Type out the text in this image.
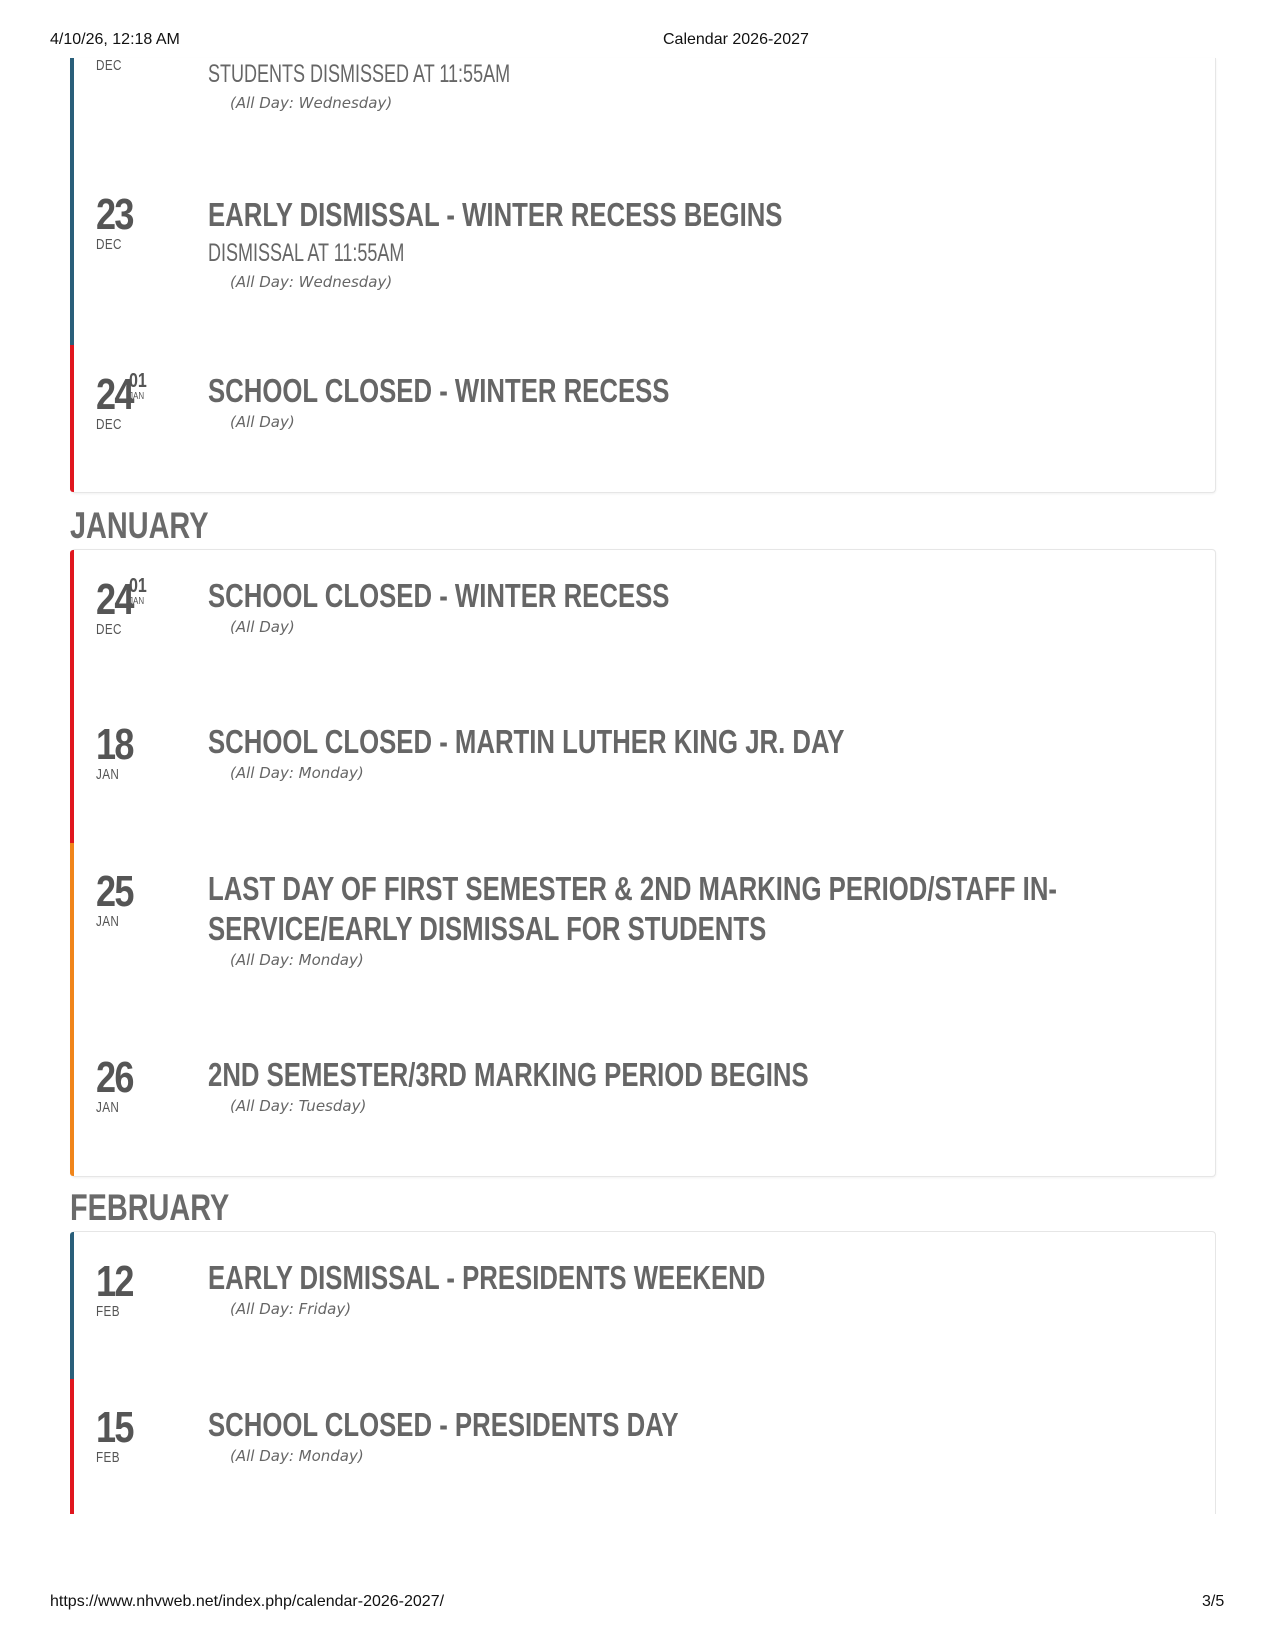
4/10/26, 12:18 AM	Calendar 2026-2027
DEC	STUDENTS DISMISSED AT 11:55AM
(All Day: Wednesday)
23
DEC
EARLY DISMISSAL - WINTER RECESS BEGINS
DISMISSAL AT 11:55AM
(All Day: Wednesday)
24
DEC
01
JAN SCHOOL CLOSED - WINTER RECESS
(All Day)
JANUARY
24
DEC
01
JAN SCHOOL CLOSED - WINTER RECESS
(All Day)
18
JAN
SCHOOL CLOSED - MARTIN LUTHER KING JR. DAY
(All Day: Monday)
25
JAN
LAST DAY OF FIRST SEMESTER & 2ND MARKING PERIOD/STAFF IN-
SERVICE/EARLY DISMISSAL FOR STUDENTS
(All Day: Monday)
26
JAN
2ND SEMESTER/3RD MARKING PERIOD BEGINS
(All Day: Tuesday)
FEBRUARY
12
FEB
EARLY DISMISSAL - PRESIDENTS WEEKEND
(All Day: Friday)
15
FEB
SCHOOL CLOSED - PRESIDENTS DAY
(All Day: Monday)
https://www.nhvweb.net/index.php/calendar-2026-2027/	3/5
